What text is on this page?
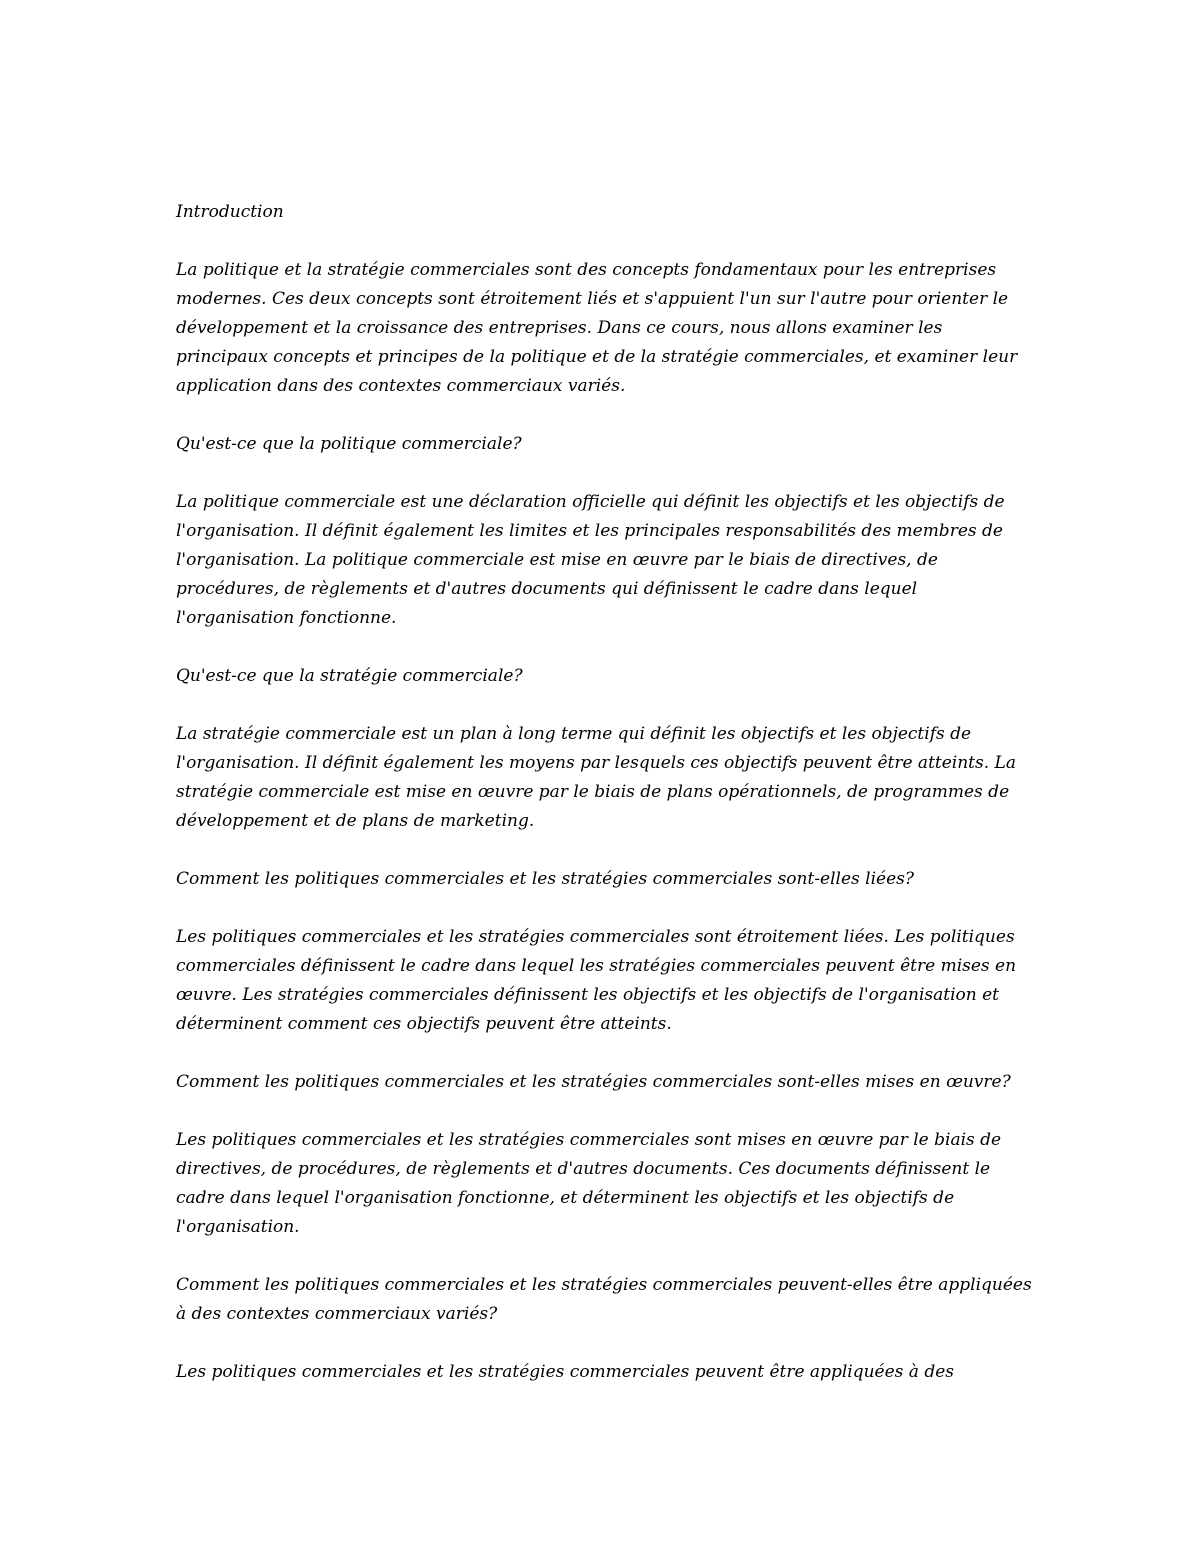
Introduction

La politique et la stratégie commerciales sont des concepts fondamentaux pour les entreprises modernes. Ces deux concepts sont étroitement liés et s'appuient l'un sur l'autre pour orienter le développement et la croissance des entreprises. Dans ce cours, nous allons examiner les principaux concepts et principes de la politique et de la stratégie commerciales, et examiner leur application dans des contextes commerciaux variés.

Qu'est-ce que la politique commerciale?

La politique commerciale est une déclaration officielle qui définit les objectifs et les objectifs de l'organisation. Il définit également les limites et les principales responsabilités des membres de l'organisation. La politique commerciale est mise en œuvre par le biais de directives, de procédures, de règlements et d'autres documents qui définissent le cadre dans lequel l'organisation fonctionne.

Qu'est-ce que la stratégie commerciale?

La stratégie commerciale est un plan à long terme qui définit les objectifs et les objectifs de l'organisation. Il définit également les moyens par lesquels ces objectifs peuvent être atteints. La stratégie commerciale est mise en œuvre par le biais de plans opérationnels, de programmes de développement et de plans de marketing.

Comment les politiques commerciales et les stratégies commerciales sont-elles liées?

Les politiques commerciales et les stratégies commerciales sont étroitement liées. Les politiques commerciales définissent le cadre dans lequel les stratégies commerciales peuvent être mises en œuvre. Les stratégies commerciales définissent les objectifs et les objectifs de l'organisation et déterminent comment ces objectifs peuvent être atteints.

Comment les politiques commerciales et les stratégies commerciales sont-elles mises en œuvre?

Les politiques commerciales et les stratégies commerciales sont mises en œuvre par le biais de directives, de procédures, de règlements et d'autres documents. Ces documents définissent le cadre dans lequel l'organisation fonctionne, et déterminent les objectifs et les objectifs de l'organisation.

Comment les politiques commerciales et les stratégies commerciales peuvent-elles être appliquées à des contextes commerciaux variés?

Les politiques commerciales et les stratégies commerciales peuvent être appliquées à des
